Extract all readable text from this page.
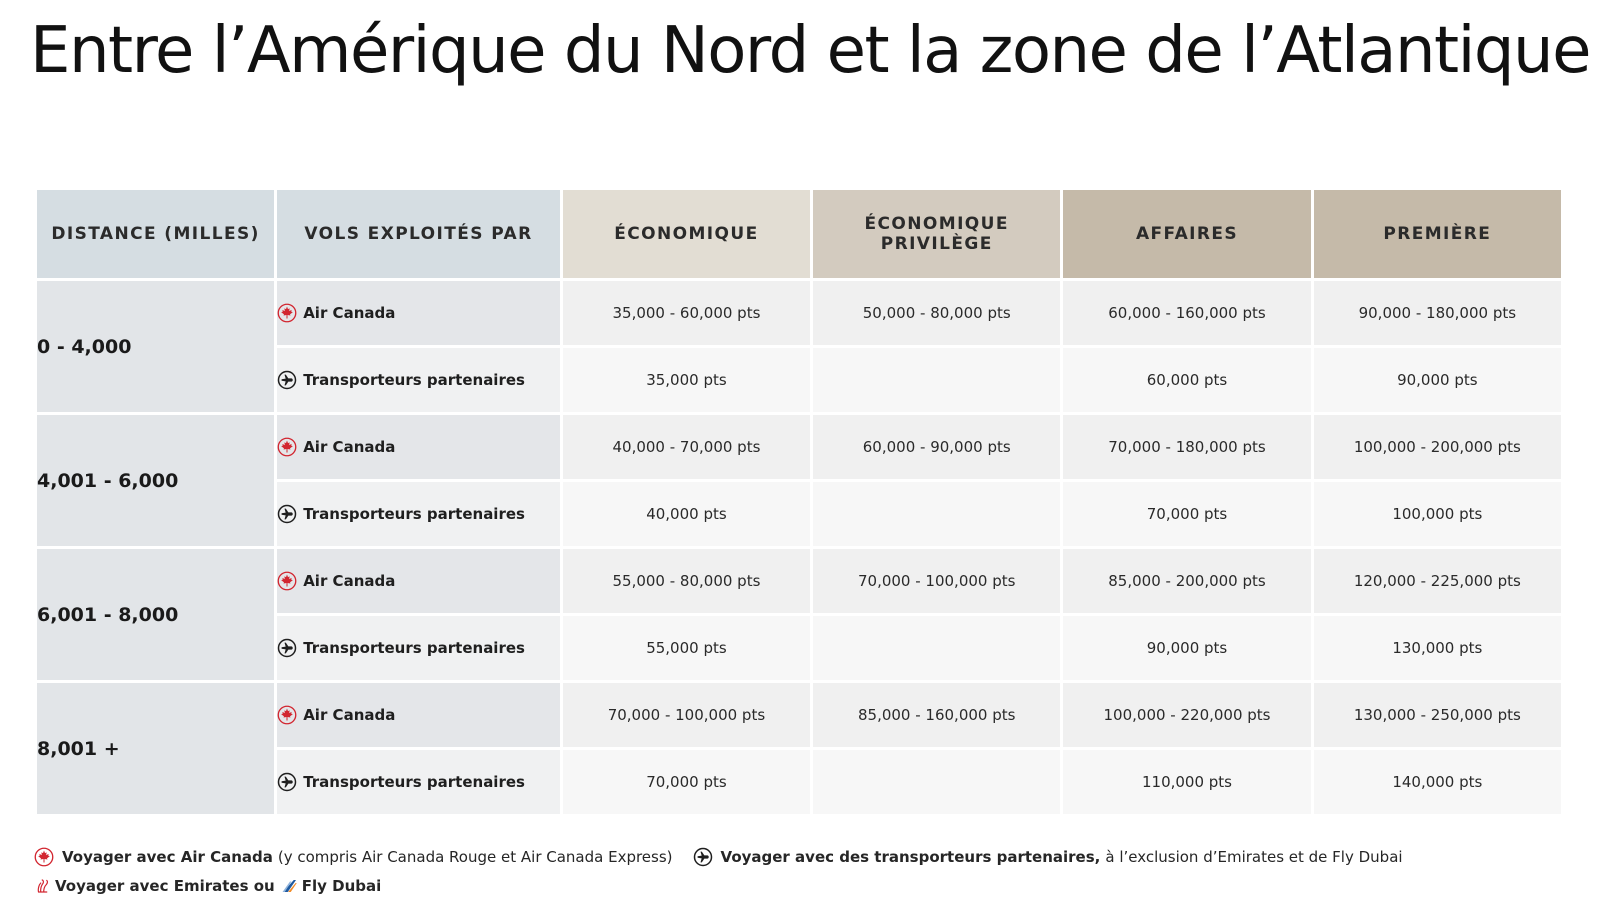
Entre l’Amérique du Nord et la zone de l’Atlantique
DISTANCE (MILLES)	VOLS EXPLOITÉS PAR	ÉCONOMIQUE	ÉCONOMIQUE PRIVILÈGE	AFFAIRES	PREMIÈRE
0 - 4,000	Air Canada	35,000 - 60,000 pts	50,000 - 80,000 pts	60,000 - 160,000 pts	90,000 - 180,000 pts
	Transporteurs partenaires	35,000 pts		60,000 pts	90,000 pts
4,001 - 6,000	Air Canada	40,000 - 70,000 pts	60,000 - 90,000 pts	70,000 - 180,000 pts	100,000 - 200,000 pts
	Transporteurs partenaires	40,000 pts		70,000 pts	100,000 pts
6,001 - 8,000	Air Canada	55,000 - 80,000 pts	70,000 - 100,000 pts	85,000 - 200,000 pts	120,000 - 225,000 pts
	Transporteurs partenaires	55,000 pts		90,000 pts	130,000 pts
8,001 +	Air Canada	70,000 - 100,000 pts	85,000 - 160,000 pts	100,000 - 220,000 pts	130,000 - 250,000 pts
	Transporteurs partenaires	70,000 pts		110,000 pts	140,000 pts
Voyager avec Air Canada (y compris Air Canada Rouge et Air Canada Express)	Voyager avec des transporteurs partenaires, à l’exclusion d’Emirates et de Fly Dubai
Voyager avec Emirates ou Fly Dubai
